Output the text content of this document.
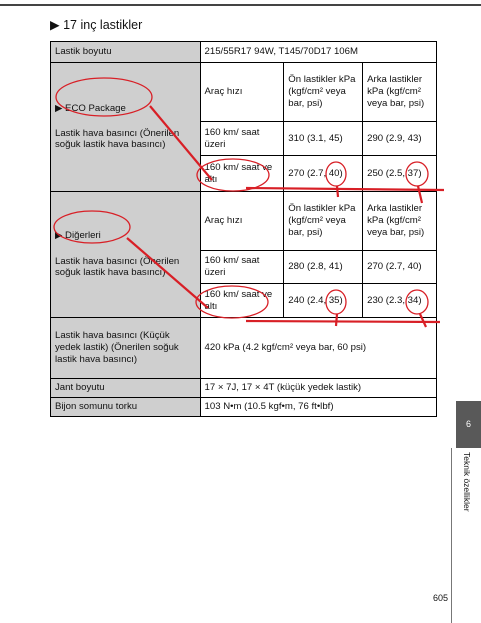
▶ 17 inç lastikler
Lastik boyutu	215/55R17 94W, T145/70D17 106M		

▶ ECO Package
Lastik hava basıncı (Önerilen soğuk lastik hava basıncı)	Araç hızı	Ön lastikler kPa (kgf/cm² veya bar, psi)	Arka lastikler kPa (kgf/cm² veya bar, psi)
	160 km/ saat üzeri	310 (3.1, 45)	290 (2.9, 43)
	160 km/ saat ve altı	270 (2.7, 40)	250 (2.5, 37)

▶ Diğerleri
Lastik hava basıncı (Önerilen soğuk lastik hava basıncı)	Araç hızı	Ön lastikler kPa (kgf/cm² veya bar, psi)	Arka lastikler kPa (kgf/cm² veya bar, psi)
	160 km/ saat üzeri	280 (2.8, 41)	270 (2.7, 40)
	160 km/ saat ve altı	240 (2.4, 35)	230 (2.3, 34)
Lastik hava basıncı (Küçük yedek lastik) (Önerilen soğuk lastik hava basıncı)	420 kPa (4.2 kgf/cm² veya bar, 60 psi)		
Jant boyutu	17 × 7J, 17 × 4T (küçük yedek lastik)		
Bijon somunu torku	103 N•m (10.5 kgf•m, 76 ft•lbf)		
6
Teknik özellikler
605
